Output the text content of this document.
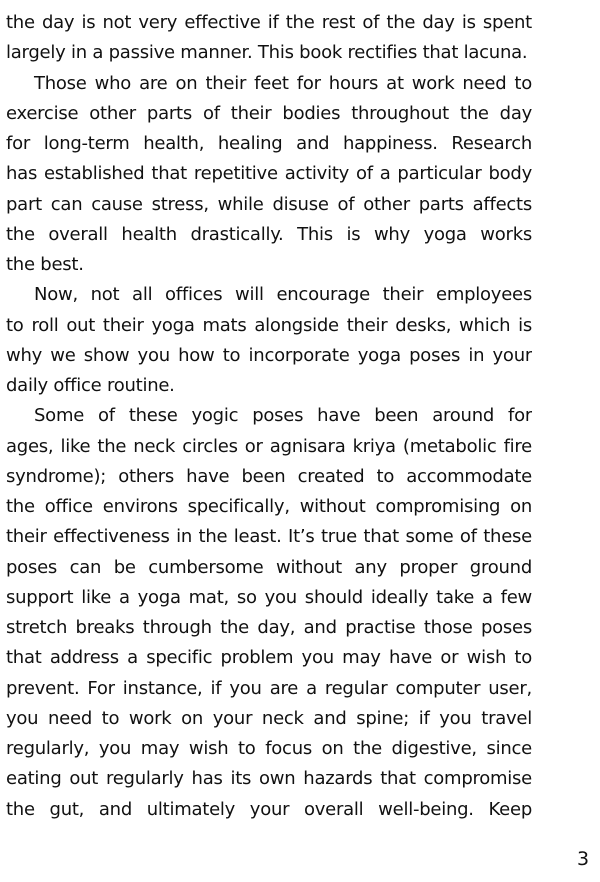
the day is not very effective if the rest of the day is spent
largely in a passive manner. This book rectifies that lacuna.
Those who are on their feet for hours at work need to
exercise other parts of their bodies throughout the day
for long-term health, healing and happiness. Research
has established that repetitive activity of a particular body
part can cause stress, while disuse of other parts affects
the overall health drastically. This is why yoga works
the best.
Now, not all offices will encourage their employees
to roll out their yoga mats alongside their desks, which is
why we show you how to incorporate yoga poses in your
daily office routine.
Some of these yogic poses have been around for
ages, like the neck circles or agnisara kriya (metabolic fire
syndrome); others have been created to accommodate
the office environs specifically, without compromising on
their effectiveness in the least. It’s true that some of these
poses can be cumbersome without any proper ground
support like a yoga mat, so you should ideally take a few
stretch breaks through the day, and practise those poses
that address a specific problem you may have or wish to
prevent. For instance, if you are a regular computer user,
you need to work on your neck and spine; if you travel
regularly, you may wish to focus on the digestive, since
eating out regularly has its own hazards that compromise
the gut, and ultimately your overall well-being. Keep
3
